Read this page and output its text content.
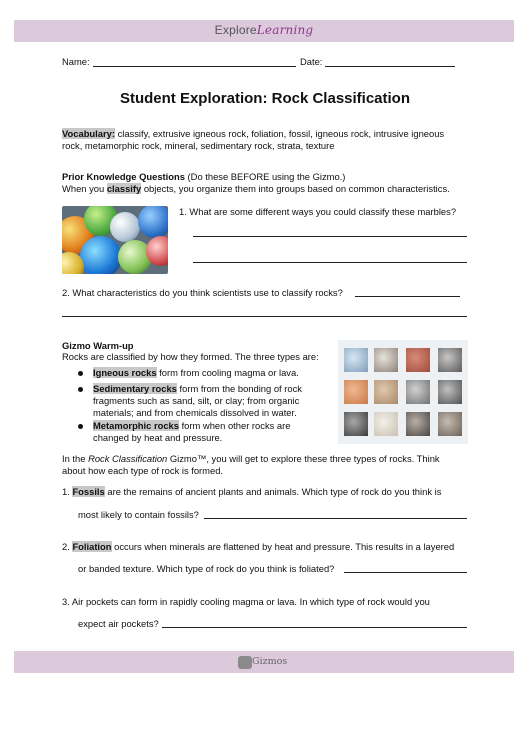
ExploreLearning
Name:	Date:
Student Exploration: Rock Classification
Vocabulary: classify, extrusive igneous rock, foliation, fossil, igneous rock, intrusive igneous
rock, metamorphic rock, mineral, sedimentary rock, strata, texture
Prior Knowledge Questions (Do these BEFORE using the Gizmo.)
When you classify objects, you organize them into groups based on common characteristics.
1. What are some different ways you could classify these marbles?
2. What characteristics do you think scientists use to classify rocks?
Gizmo Warm-up
Rocks are classified by how they formed. The three types are:
Igneous rocks form from cooling magma or lava.
Sedimentary rocks form from the bonding of rock
fragments such as sand, silt, or clay; from organic
materials; and from chemicals dissolved in water.
Metamorphic rocks form when other rocks are
changed by heat and pressure.
In the Rock Classification Gizmo™, you will get to explore these three types of rocks. Think
about how each type of rock is formed.
1. Fossils are the remains of ancient plants and animals. Which type of rock do you think is
most likely to contain fossils?
2. Foliation occurs when minerals are flattened by heat and pressure. This results in a layered
or banded texture. Which type of rock do you think is foliated?
3. Air pockets can form in rapidly cooling magma or lava. In which type of rock would you
expect air pockets?
Gizmos
